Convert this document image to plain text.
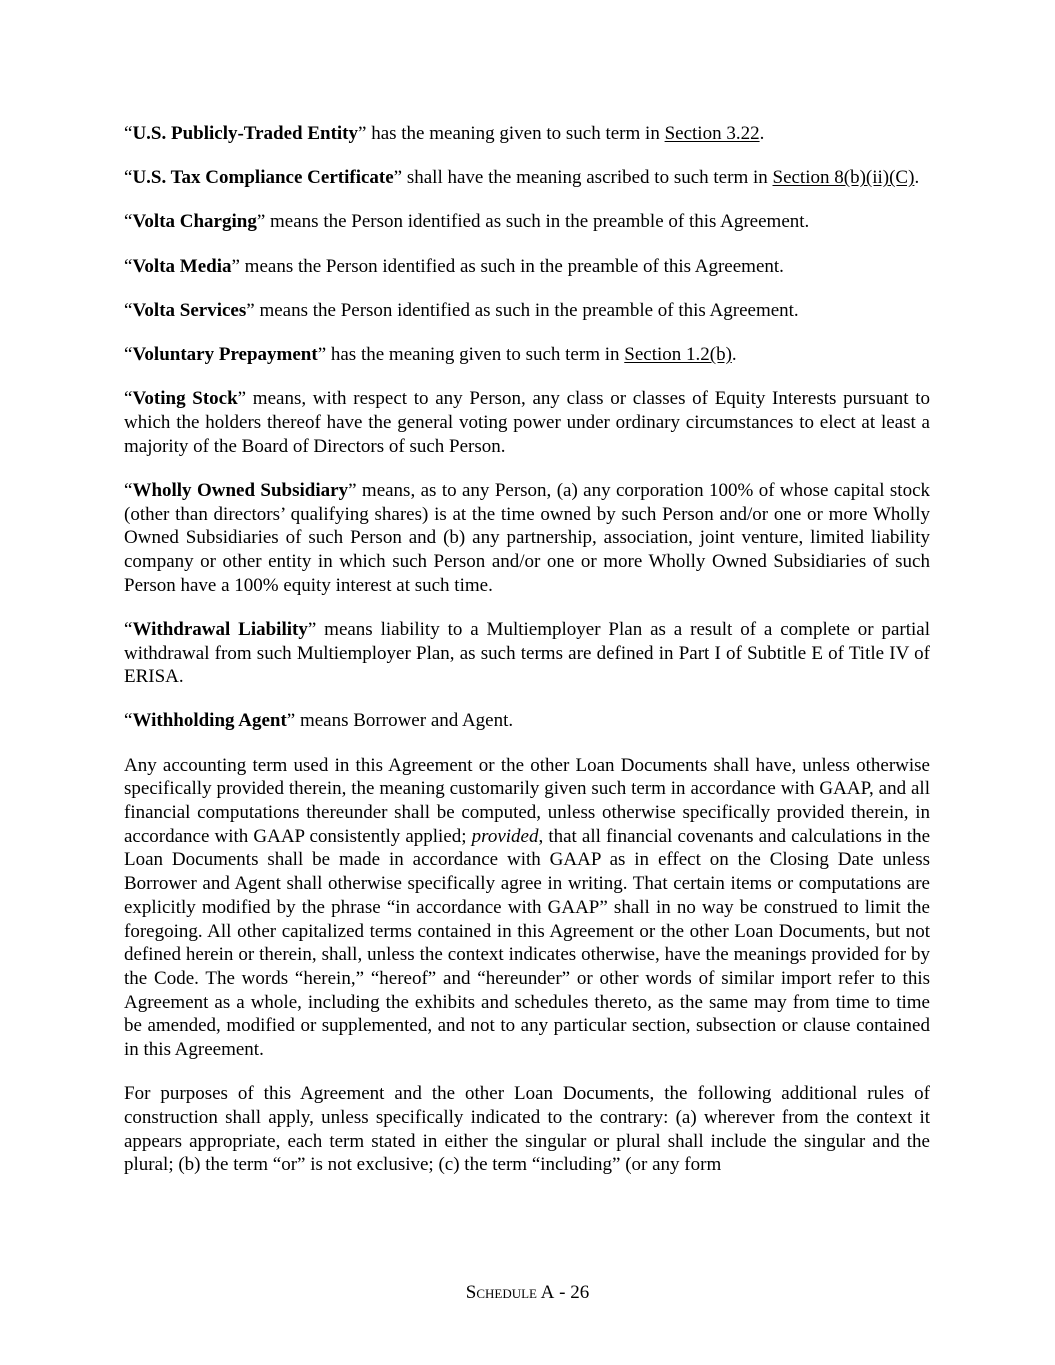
“U.S. Publicly-Traded Entity” has the meaning given to such term in Section 3.22.

“U.S. Tax Compliance Certificate” shall have the meaning ascribed to such term in Section 8(b)(ii)(C).

“Volta Charging” means the Person identified as such in the preamble of this Agreement.

“Volta Media” means the Person identified as such in the preamble of this Agreement.

“Volta Services” means the Person identified as such in the preamble of this Agreement.

“Voluntary Prepayment” has the meaning given to such term in Section 1.2(b).

“Voting Stock” means, with respect to any Person, any class or classes of Equity Interests pursuant to which the holders thereof have the general voting power under ordinary circumstances to elect at least a majority of the Board of Directors of such Person.

“Wholly Owned Subsidiary” means, as to any Person, (a) any corporation 100% of whose capital stock (other than directors’ qualifying shares) is at the time owned by such Person and/or one or more Wholly Owned Subsidiaries of such Person and (b) any partnership, association, joint venture, limited liability company or other entity in which such Person and/or one or more Wholly Owned Subsidiaries of such Person have a 100% equity interest at such time.

“Withdrawal Liability” means liability to a Multiemployer Plan as a result of a complete or partial withdrawal from such Multiemployer Plan, as such terms are defined in Part I of Subtitle E of Title IV of ERISA.

“Withholding Agent” means Borrower and Agent.

Any accounting term used in this Agreement or the other Loan Documents shall have, unless otherwise specifically provided therein, the meaning customarily given such term in accordance with GAAP, and all financial computations thereunder shall be computed, unless otherwise specifically provided therein, in accordance with GAAP consistently applied; provided, that all financial covenants and calculations in the Loan Documents shall be made in accordance with GAAP as in effect on the Closing Date unless Borrower and Agent shall otherwise specifically agree in writing. That certain items or computations are explicitly modified by the phrase “in accordance with GAAP” shall in no way be construed to limit the foregoing. All other capitalized terms contained in this Agreement or the other Loan Documents, but not defined herein or therein, shall, unless the context indicates otherwise, have the meanings provided for by the Code. The words “herein,” “hereof” and “hereunder” or other words of similar import refer to this Agreement as a whole, including the exhibits and schedules thereto, as the same may from time to time be amended, modified or supplemented, and not to any particular section, subsection or clause contained in this Agreement.

For purposes of this Agreement and the other Loan Documents, the following additional rules of construction shall apply, unless specifically indicated to the contrary: (a) wherever from the context it appears appropriate, each term stated in either the singular or plural shall include the singular and the plural; (b) the term “or” is not exclusive; (c) the term “including” (or any form

Schedule A - 26
